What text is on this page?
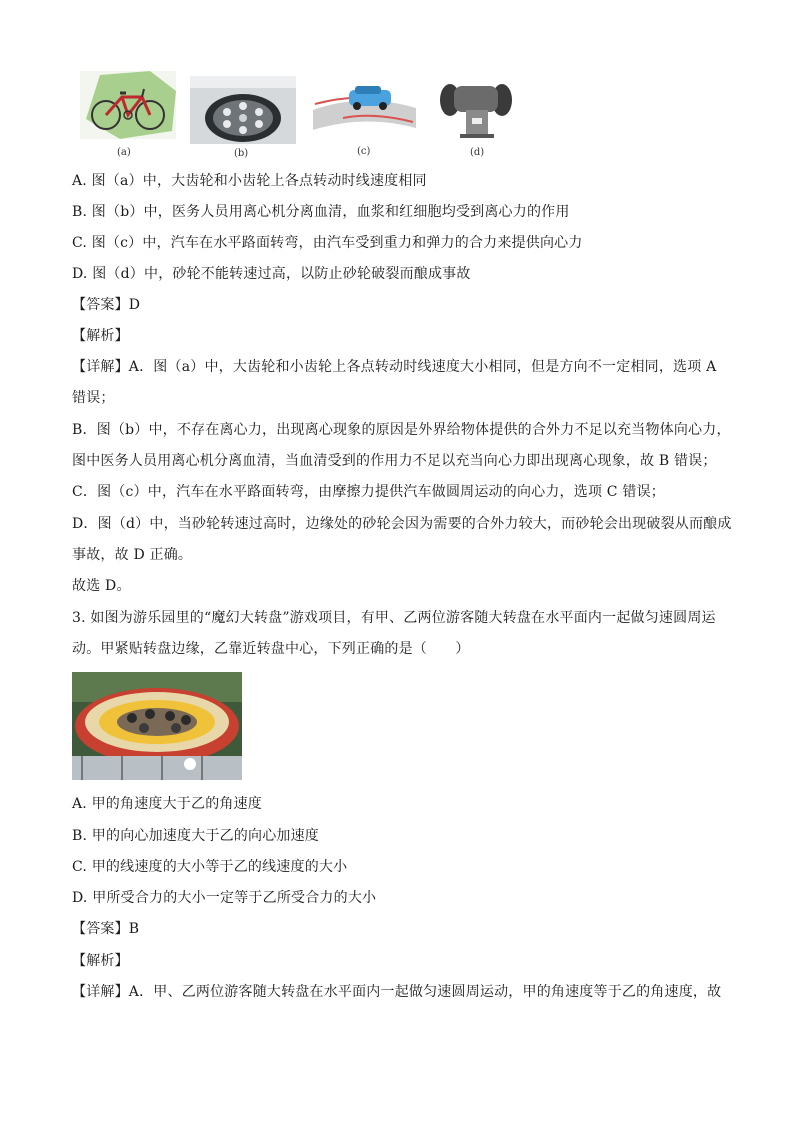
(a)	(b)	(c)	(d)
A. 图（a）中，大齿轮和小齿轮上各点转动时线速度相同
B. 图（b）中，医务人员用离心机分离血清，血浆和红细胞均受到离心力的作用
C. 图（c）中，汽车在水平路面转弯，由汽车受到重力和弹力的合力来提供向心力
D. 图（d）中，砂轮不能转速过高，以防止砂轮破裂而酿成事故
【答案】D
【解析】
【详解】A．图（a）中，大齿轮和小齿轮上各点转动时线速度大小相同，但是方向不一定相同，选项 A
错误；
B．图（b）中，不存在离心力，出现离心现象的原因是外界给物体提供的合外力不足以充当物体向心力，
图中医务人员用离心机分离血清，当血清受到的作用力不足以充当向心力即出现离心现象，故 B 错误；
C．图（c）中，汽车在水平路面转弯，由摩擦力提供汽车做圆周运动的向心力，选项 C 错误；
D．图（d）中，当砂轮转速过高时，边缘处的砂轮会因为需要的合外力较大，而砂轮会出现破裂从而酿成
事故，故 D 正确。
故选 D。
3. 如图为游乐园里的“魔幻大转盘”游戏项目，有甲、乙两位游客随大转盘在水平面内一起做匀速圆周运
动。甲紧贴转盘边缘，乙靠近转盘中心，下列正确的是（　　）
A. 甲的角速度大于乙的角速度
B. 甲的向心加速度大于乙的向心加速度
C. 甲的线速度的大小等于乙的线速度的大小
D. 甲所受合力的大小一定等于乙所受合力的大小
【答案】B
【解析】
【详解】A．甲、乙两位游客随大转盘在水平面内一起做匀速圆周运动，甲的角速度等于乙的角速度，故
